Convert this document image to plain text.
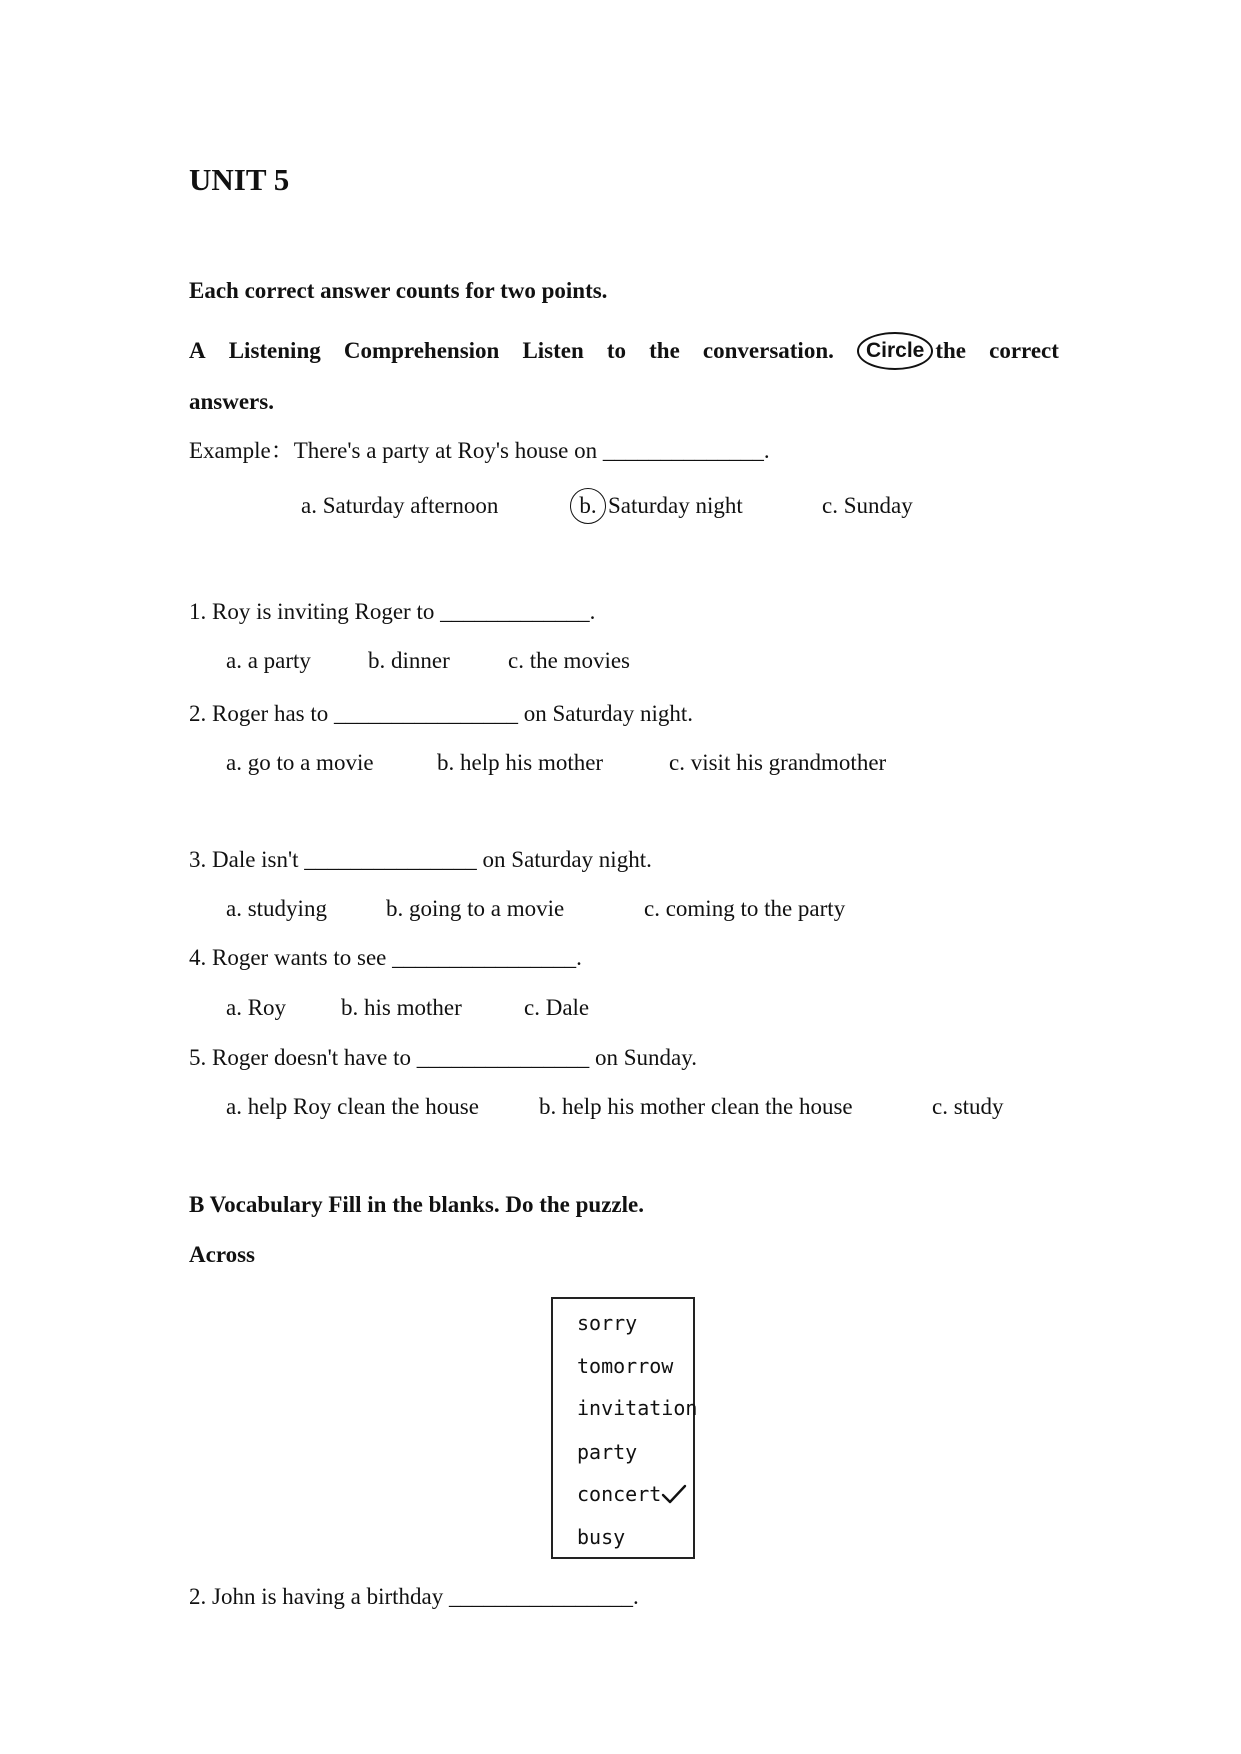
UNIT 5
Each correct answer counts for two points.
A Listening Comprehension Listen to the conversation.	Circle the correct
answers.
Example：There's a party at Roy's house on ______________.
a. Saturday afternoon	b. Saturday night	c. Sunday
1. Roy is inviting Roger to _____________.
a. a party b. dinner	c. the movies
2. Roger has to ________________ on Saturday night.
a. go to a movie	b. help his mother	c. visit his grandmother
3. Dale isn't _______________ on Saturday night.
a. studying	b. going to a movie	c. coming to the party
4. Roger wants to see ________________.
a. Roy b. his mother	c. Dale
5. Roger doesn't have to _______________ on Sunday.
a. help Roy clean the house	b. help his mother clean the house	c. study
B Vocabulary Fill in the blanks. Do the puzzle.
Across
sorry
tomorrow
invitation
party
concert
busy
2. John is having a birthday ________________.
